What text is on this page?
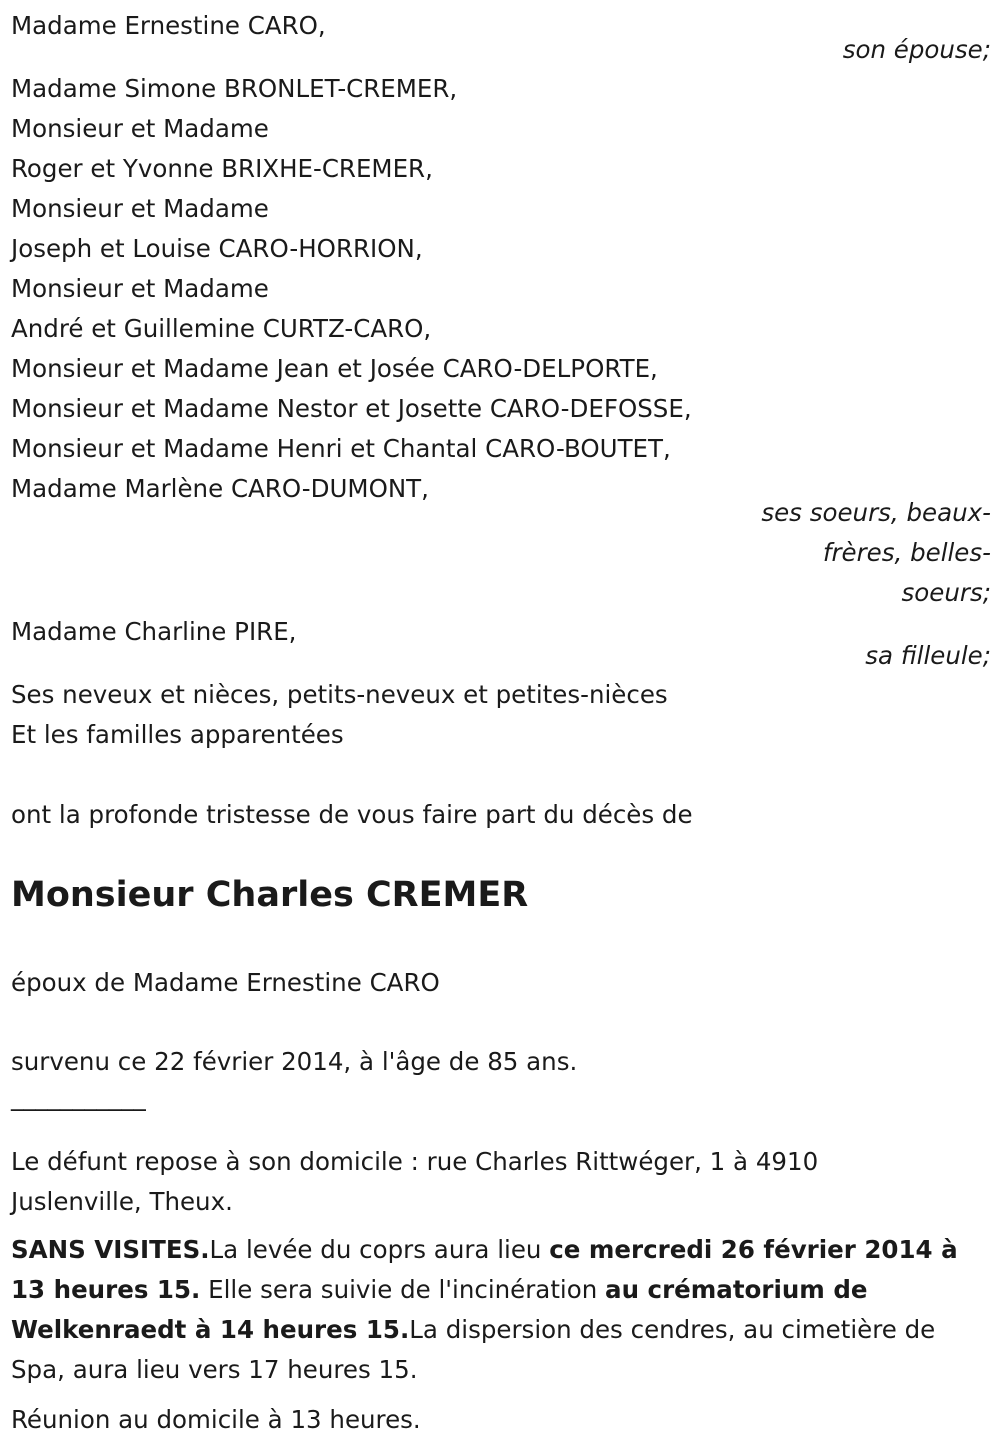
Madame Ernestine CARO,
son épouse;
Madame Simone BRONLET-CREMER,
Monsieur et Madame
Roger et Yvonne BRIXHE-CREMER,
Monsieur et Madame
Joseph et Louise CARO-HORRION,
Monsieur et Madame
André et Guillemine CURTZ-CARO,
Monsieur et Madame Jean et Josée CARO-DELPORTE,
Monsieur et Madame Nestor et Josette CARO-DEFOSSE,
Monsieur et Madame Henri et Chantal CARO-BOUTET,
Madame Marlène CARO-DUMONT,
ses soeurs, beaux-
frères, belles-
soeurs;
Madame Charline PIRE,
sa filleule;
Ses neveux et nièces, petits-neveux et petites-nièces
Et les familles apparentées
ont la profonde tristesse de vous faire part du décès de
Monsieur Charles CREMER
époux de Madame Ernestine CARO
survenu ce 22 février 2014, à l'âge de 85 ans.
___________
Le défunt repose à son domicile : rue Charles Rittwéger, 1 à 4910
Juslenville, Theux.
SANS VISITES.La levée du coprs aura lieu ce mercredi 26 février 2014 à
13 heures 15. Elle sera suivie de l'incinération au crématorium de
Welkenraedt à 14 heures 15.La dispersion des cendres, au cimetière de
Spa, aura lieu vers 17 heures 15.
Réunion au domicile à 13 heures.
